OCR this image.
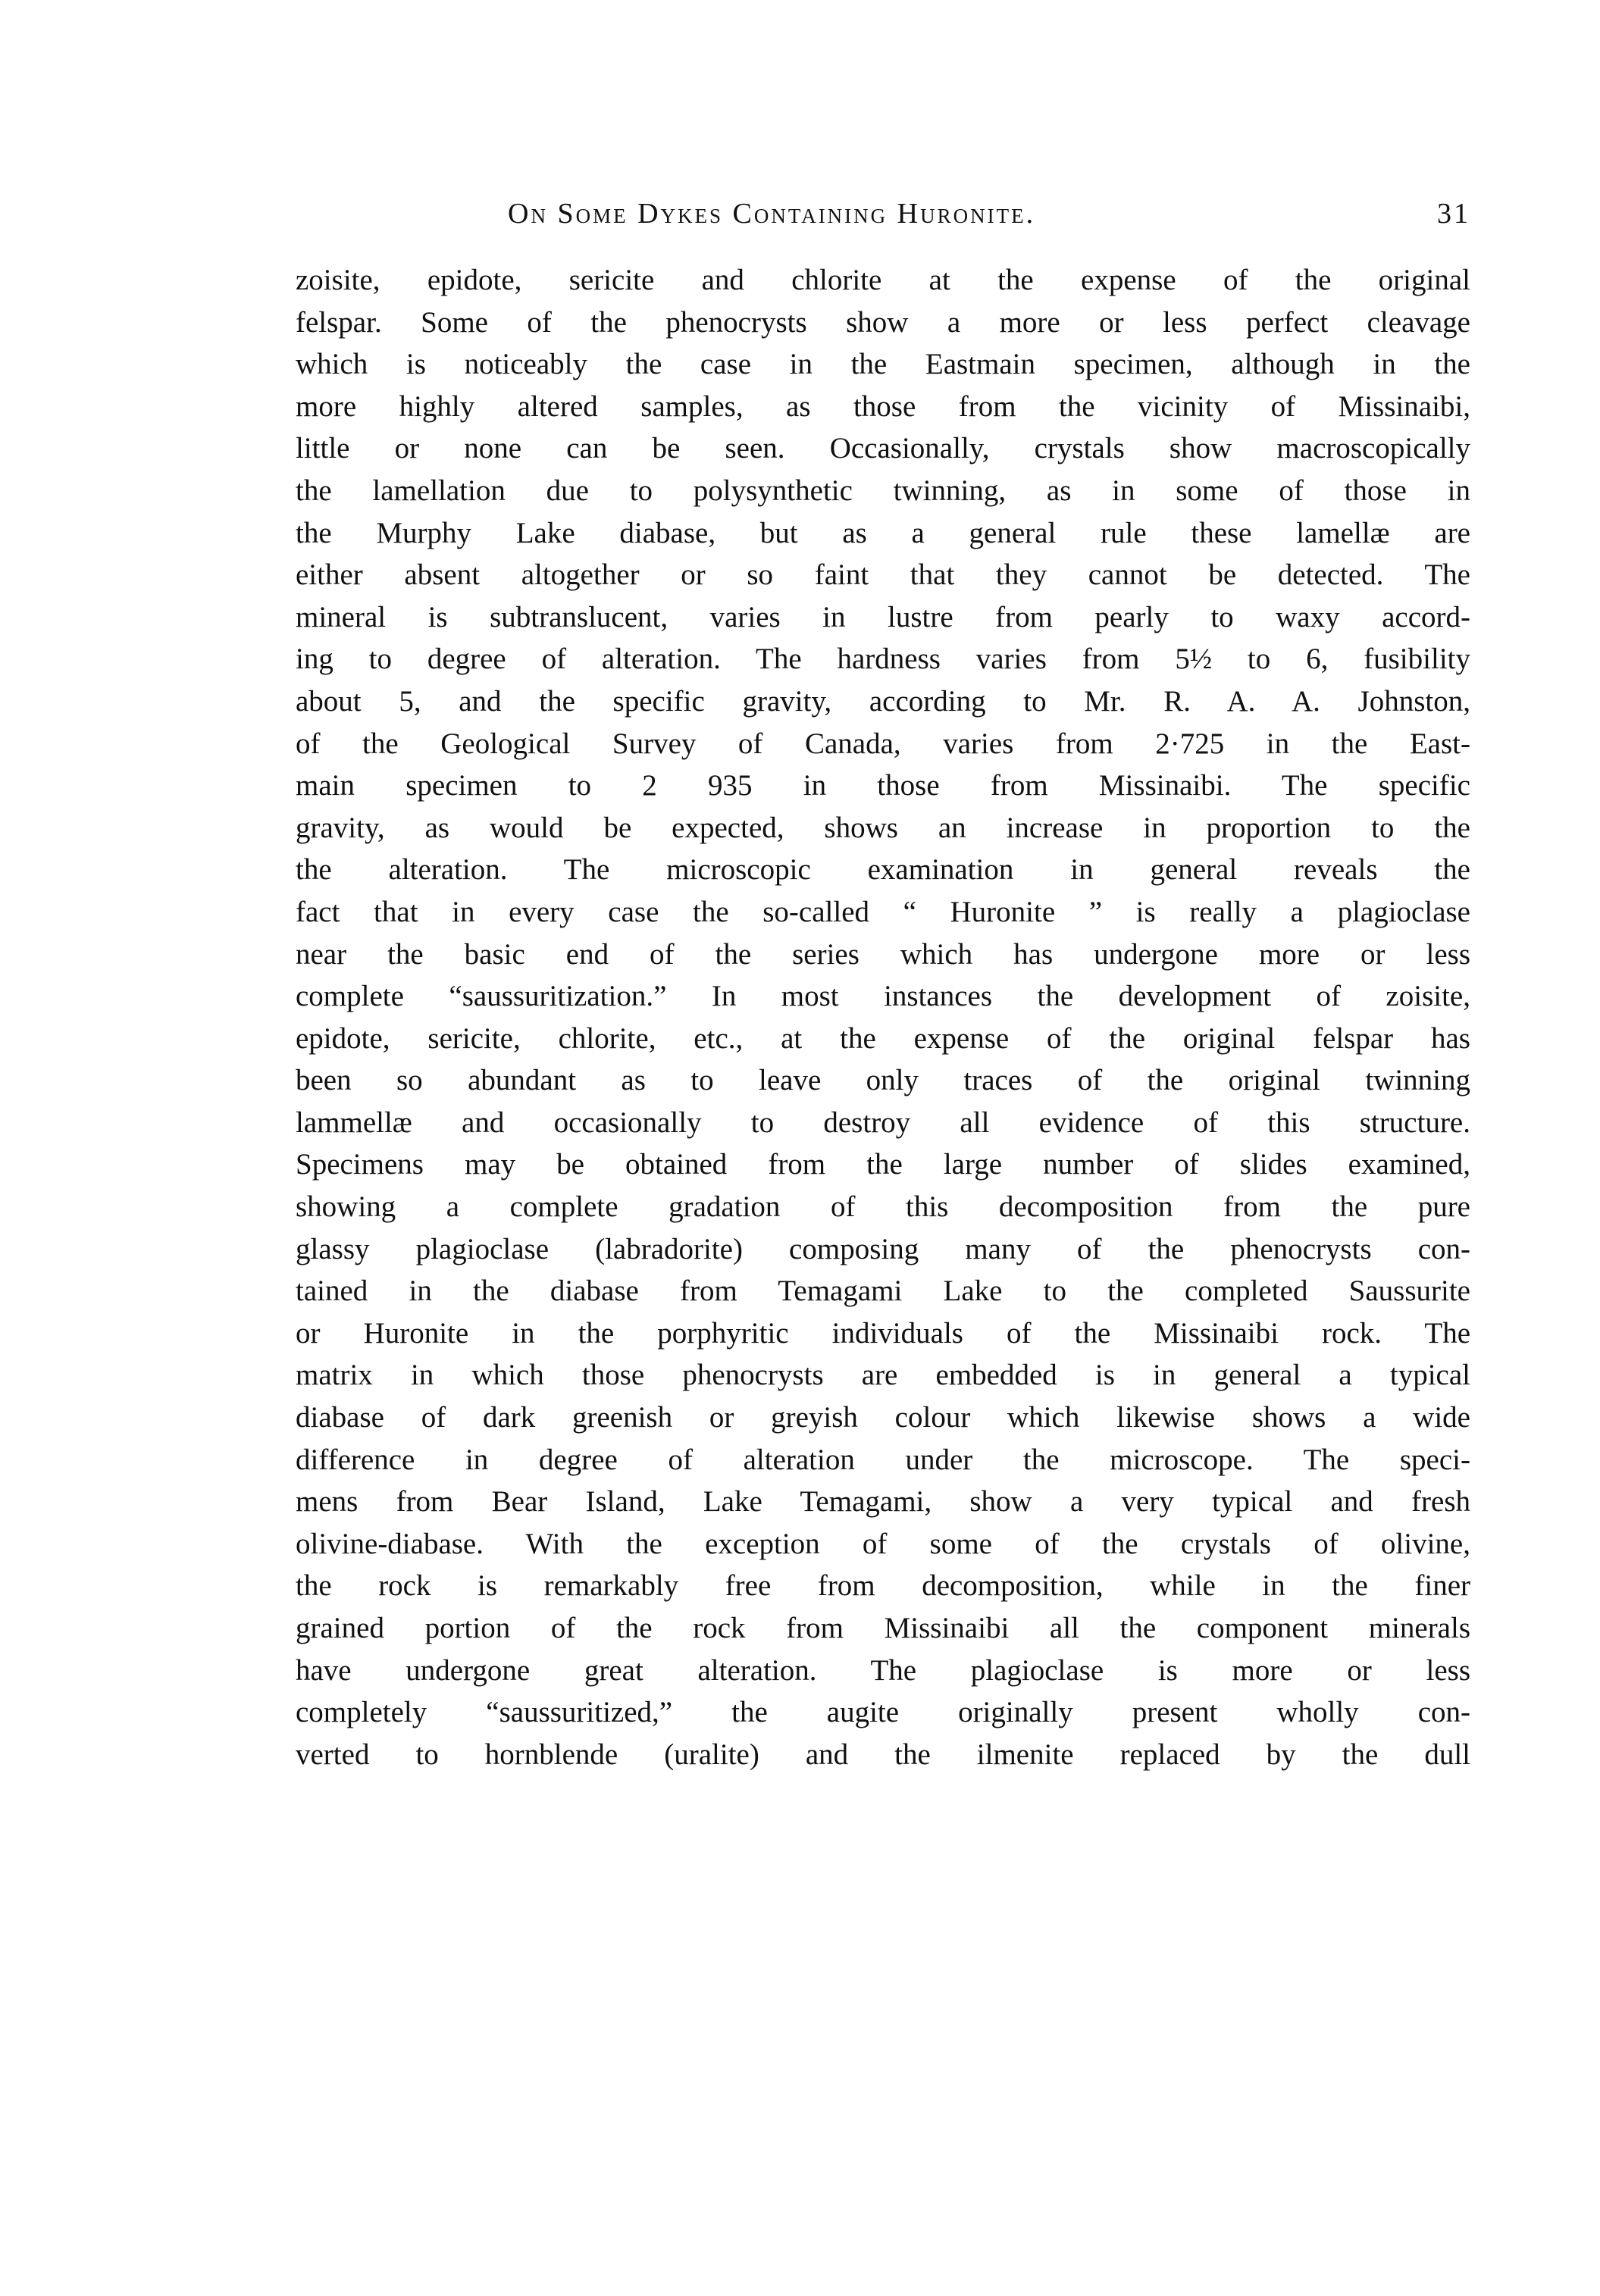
On Some Dykes Containing Huronite.	31
zoisite, epidote, sericite and chlorite at the expense of the original
felspar. Some of the phenocrysts show a more or less perfect cleavage
which is noticeably the case in the Eastmain specimen, although in the
more highly altered samples, as those from the vicinity of Missinaibi,
little or none can be seen. Occasionally, crystals show macroscopically
the lamellation due to polysynthetic twinning, as in some of those in
the Murphy Lake diabase, but as a general rule these lamellæ are
either absent altogether or so faint that they cannot be detected. The
mineral is subtranslucent, varies in lustre from pearly to waxy accord-
ing to degree of alteration. The hardness varies from 5½ to 6, fusibility
about 5, and the specific gravity, according to Mr. R. A. A. Johnston,
of the Geological Survey of Canada, varies from 2·725 in the East-
main specimen to 2 935 in those from Missinaibi. The specific
gravity, as would be expected, shows an increase in proportion to the
the alteration. The microscopic examination in general reveals the
fact that in every case the so-called “ Huronite ” is really a plagioclase
near the basic end of the series which has undergone more or less
complete “saussuritization.” In most instances the development of zoisite,
epidote, sericite, chlorite, etc., at the expense of the original felspar has
been so abundant as to leave only traces of the original twinning
lammellæ and occasionally to destroy all evidence of this structure.
Specimens may be obtained from the large number of slides examined,
showing a complete gradation of this decomposition from the pure
glassy plagioclase (labradorite) composing many of the phenocrysts con-
tained in the diabase from Temagami Lake to the completed Saussurite
or Huronite in the porphyritic individuals of the Missinaibi rock. The
matrix in which those phenocrysts are embedded is in general a typical
diabase of dark greenish or greyish colour which likewise shows a wide
difference in degree of alteration under the microscope. The speci-
mens from Bear Island, Lake Temagami, show a very typical and fresh
olivine-diabase. With the exception of some of the crystals of olivine,
the rock is remarkably free from decomposition, while in the finer
grained portion of the rock from Missinaibi all the component minerals
have undergone great alteration. The plagioclase is more or less
completely “saussuritized,” the augite originally present wholly con-
verted to hornblende (uralite) and the ilmenite replaced by the dull
